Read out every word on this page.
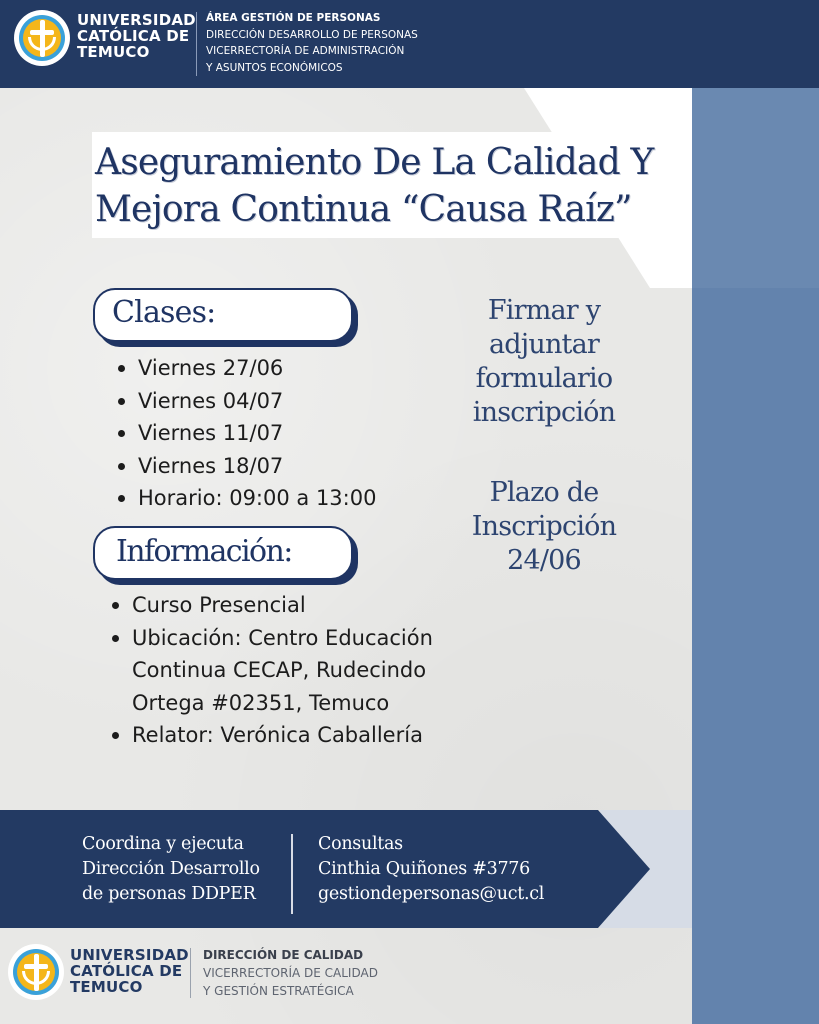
UNIVERSIDAD
CATÓLICA DE
TEMUCO
ÁREA GESTIÓN DE PERSONAS
DIRECCIÓN DESARROLLO DE PERSONAS
VICERRECTORÍA DE ADMINISTRACIÓN
Y ASUNTOS ECONÓMICOS
Aseguramiento De La Calidad Y
Mejora Continua “Causa Raíz”
Clases:
Viernes 27/06
Viernes 04/07
Viernes 11/07
Viernes 18/07
Horario: 09:00 a 13:00
Información:
Curso Presencial
Ubicación: Centro Educación
Continua CECAP, Rudecindo
Ortega #02351, Temuco
Relator: Verónica Caballería
Firmar y
adjuntar
formulario
inscripción
Plazo de
Inscripción
24/06
Coordina y ejecuta
Dirección Desarrollo
de personas DDPER
Consultas
Cinthia Quiñones #3776
gestiondepersonas@uct.cl
UNIVERSIDAD
CATÓLICA DE
TEMUCO
DIRECCIÓN DE CALIDAD
VICERRECTORÍA DE CALIDAD
Y GESTIÓN ESTRATÉGICA
